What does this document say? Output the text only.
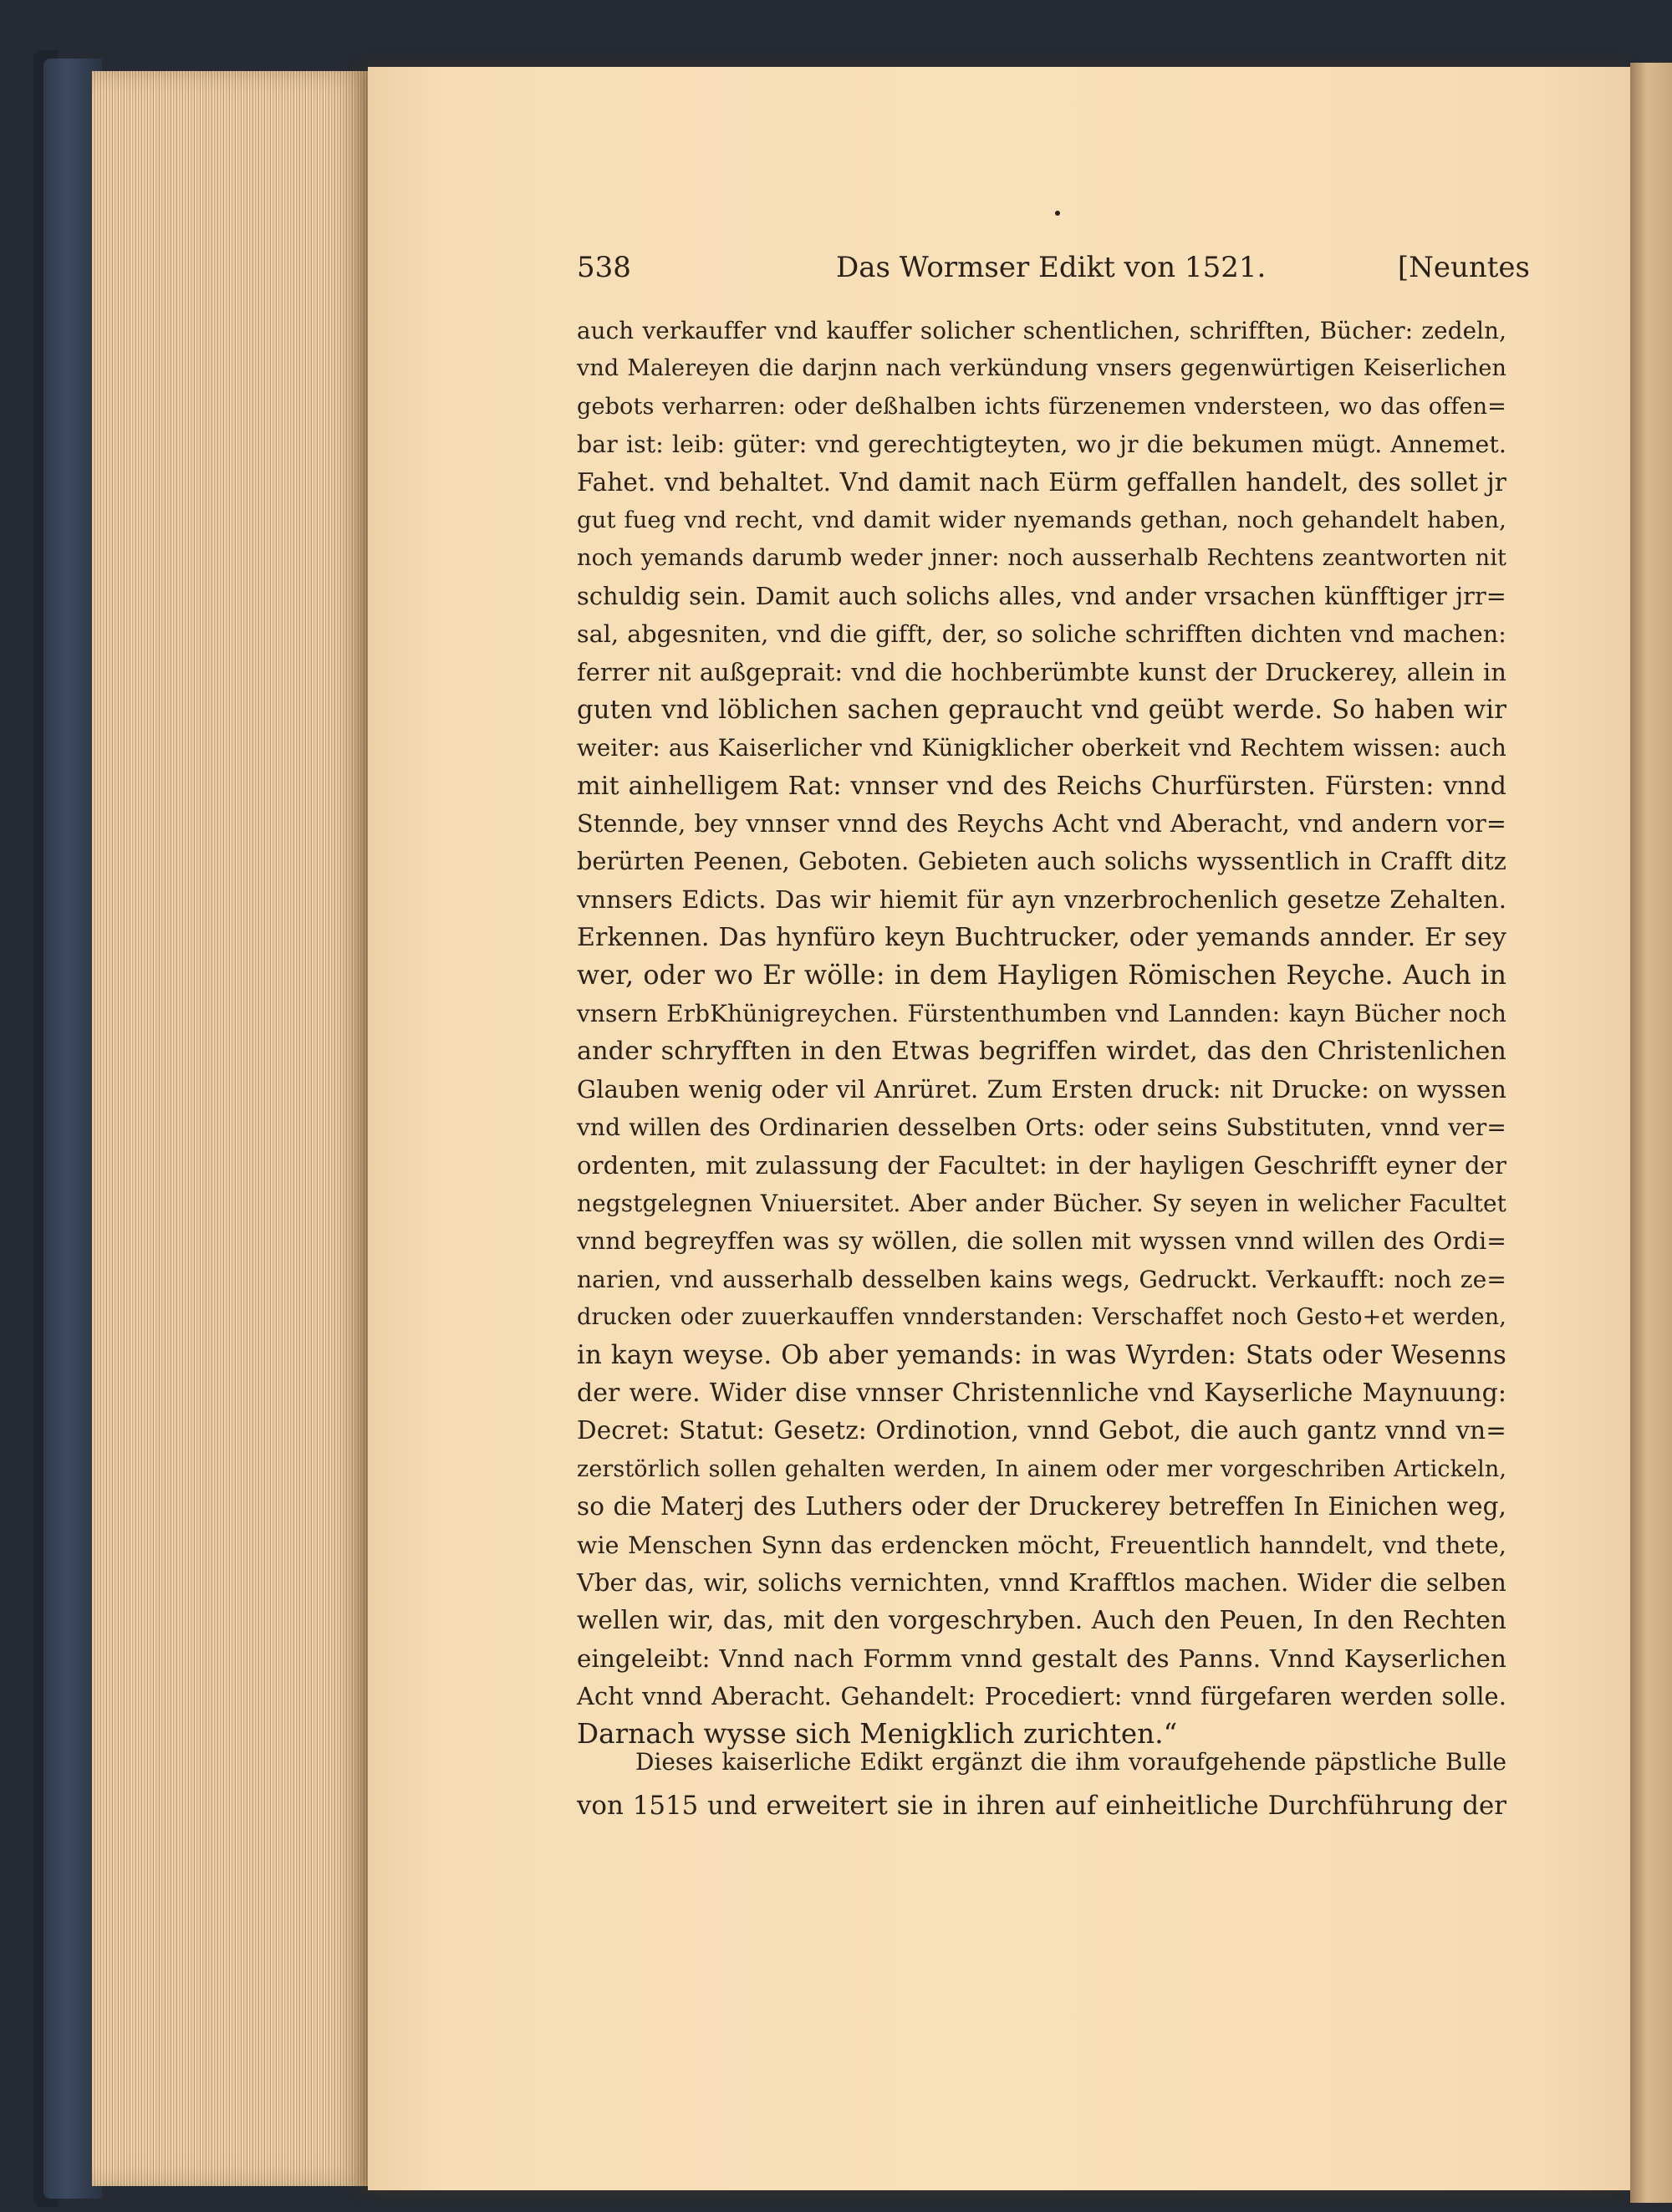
538	Das Wormser Edikt von 1521.	[Neuntes
auch verkauffer vnd kauffer solicher schentlichen, schrifften, Bücher: zedeln,
vnd Malereyen die darjnn nach verkündung vnsers gegenwürtigen Keiserlichen
gebots verharren: oder deßhalben ichts fürzenemen vndersteen, wo das offen=
bar ist: leib: güter: vnd gerechtigteyten, wo jr die bekumen mügt. Annemet.
Fahet. vnd behaltet. Vnd damit nach Eürm geffallen handelt, des sollet jr
gut fueg vnd recht, vnd damit wider nyemands gethan, noch gehandelt haben,
noch yemands darumb weder jnner: noch ausserhalb Rechtens zeantworten nit
schuldig sein. Damit auch solichs alles, vnd ander vrsachen künfftiger jrr=
sal, abgesniten, vnd die gifft, der, so soliche schrifften dichten vnd machen:
ferrer nit außgeprait: vnd die hochberümbte kunst der Druckerey, allein in
guten vnd löblichen sachen gepraucht vnd geübt werde. So haben wir
weiter: aus Kaiserlicher vnd Künigklicher oberkeit vnd Rechtem wissen: auch
mit ainhelligem Rat: vnnser vnd des Reichs Churfürsten. Fürsten: vnnd
Stennde, bey vnnser vnnd des Reychs Acht vnd Aberacht, vnd andern vor=
berürten Peenen, Geboten. Gebieten auch solichs wyssentlich in Crafft ditz
vnnsers Edicts. Das wir hiemit für ayn vnzerbrochenlich gesetze Zehalten.
Erkennen. Das hynfüro keyn Buchtrucker, oder yemands annder. Er sey
wer, oder wo Er wölle: in dem Hayligen Römischen Reyche. Auch in
vnsern ErbKhünigreychen. Fürstenthumben vnd Lannden: kayn Bücher noch
ander schryfften in den Etwas begriffen wirdet, das den Christenlichen
Glauben wenig oder vil Anrüret. Zum Ersten druck: nit Drucke: on wyssen
vnd willen des Ordinarien desselben Orts: oder seins Substituten, vnnd ver=
ordenten, mit zulassung der Facultet: in der hayligen Geschrifft eyner der
negstgelegnen Vniuersitet. Aber ander Bücher. Sy seyen in welicher Facultet
vnnd begreyffen was sy wöllen, die sollen mit wyssen vnnd willen des Ordi=
narien, vnd ausserhalb desselben kains wegs, Gedruckt. Verkaufft: noch ze=
drucken oder zuuerkauffen vnnderstanden: Verschaffet noch Gesto+et werden,
in kayn weyse. Ob aber yemands: in was Wyrden: Stats oder Wesenns
der were. Wider dise vnnser Christennliche vnd Kayserliche Maynuung:
Decret: Statut: Gesetz: Ordinotion, vnnd Gebot, die auch gantz vnnd vn=
zerstörlich sollen gehalten werden, In ainem oder mer vorgeschriben Artickeln,
so die Materj des Luthers oder der Druckerey betreffen In Einichen weg,
wie Menschen Synn das erdencken möcht, Freuentlich hanndelt, vnd thete,
Vber das, wir, solichs vernichten, vnnd Krafftlos machen. Wider die selben
wellen wir, das, mit den vorgeschryben. Auch den Peuen, In den Rechten
eingeleibt: Vnnd nach Formm vnnd gestalt des Panns. Vnnd Kayserlichen
Acht vnnd Aberacht. Gehandelt: Procediert: vnnd fürgefaren werden solle.
Darnach wysse sich Menigklich zurichten.“
Dieses kaiserliche Edikt ergänzt die ihm voraufgehende päpstliche Bulle
von 1515 und erweitert sie in ihren auf einheitliche Durchführung der
